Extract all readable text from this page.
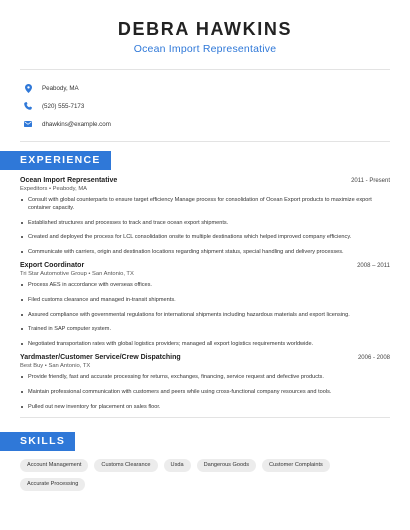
DEBRA HAWKINS
Ocean Import Representative
Peabody, MA
(520) 555-7173
dhawkins@example.com
EXPERIENCE
Ocean Import Representative	2011 - Present
Expeditors • Peabody, MA
Consult with global counterparts to ensure target efficiency Manage process for consolidation of Ocean Export products to maximize export container capacity.
Established structures and processes to track and trace ocean export shipments.
Created and deployed the process for LCL consolidation onsite to multiple destinations which helped improved company efficiency.
Communicate with carriers, origin and destination locations regarding shipment status, special handling and delivery processes.
Export Coordinator	2008 – 2011
Tri Star Automotive Group • San Antonio, TX
Process AES in accordance with overseas offices.
Filed customs clearance and managed in-transit shipments.
Assured compliance with governmental regulations for international shipments including hazardous materials and export licensing.
Trained in SAP computer system.
Negotiated transportation rates with global logistics providers; managed all export logistics requirements worldwide.
Yardmaster/Customer Service/Crew Dispatching	2006 - 2008
Best Buy • San Antonio, TX
Provide friendly, fast and accurate processing for returns, exchanges, financing, service request and defective products.
Maintain professional communication with customers and peers while using cross-functional company resources and tools.
Pulled out new inventory for placement on sales floor.
SKILLS
Account Management	Customs Clearance	Usda	Dangerous Goods	Customer Complaints
Accurate Processing
